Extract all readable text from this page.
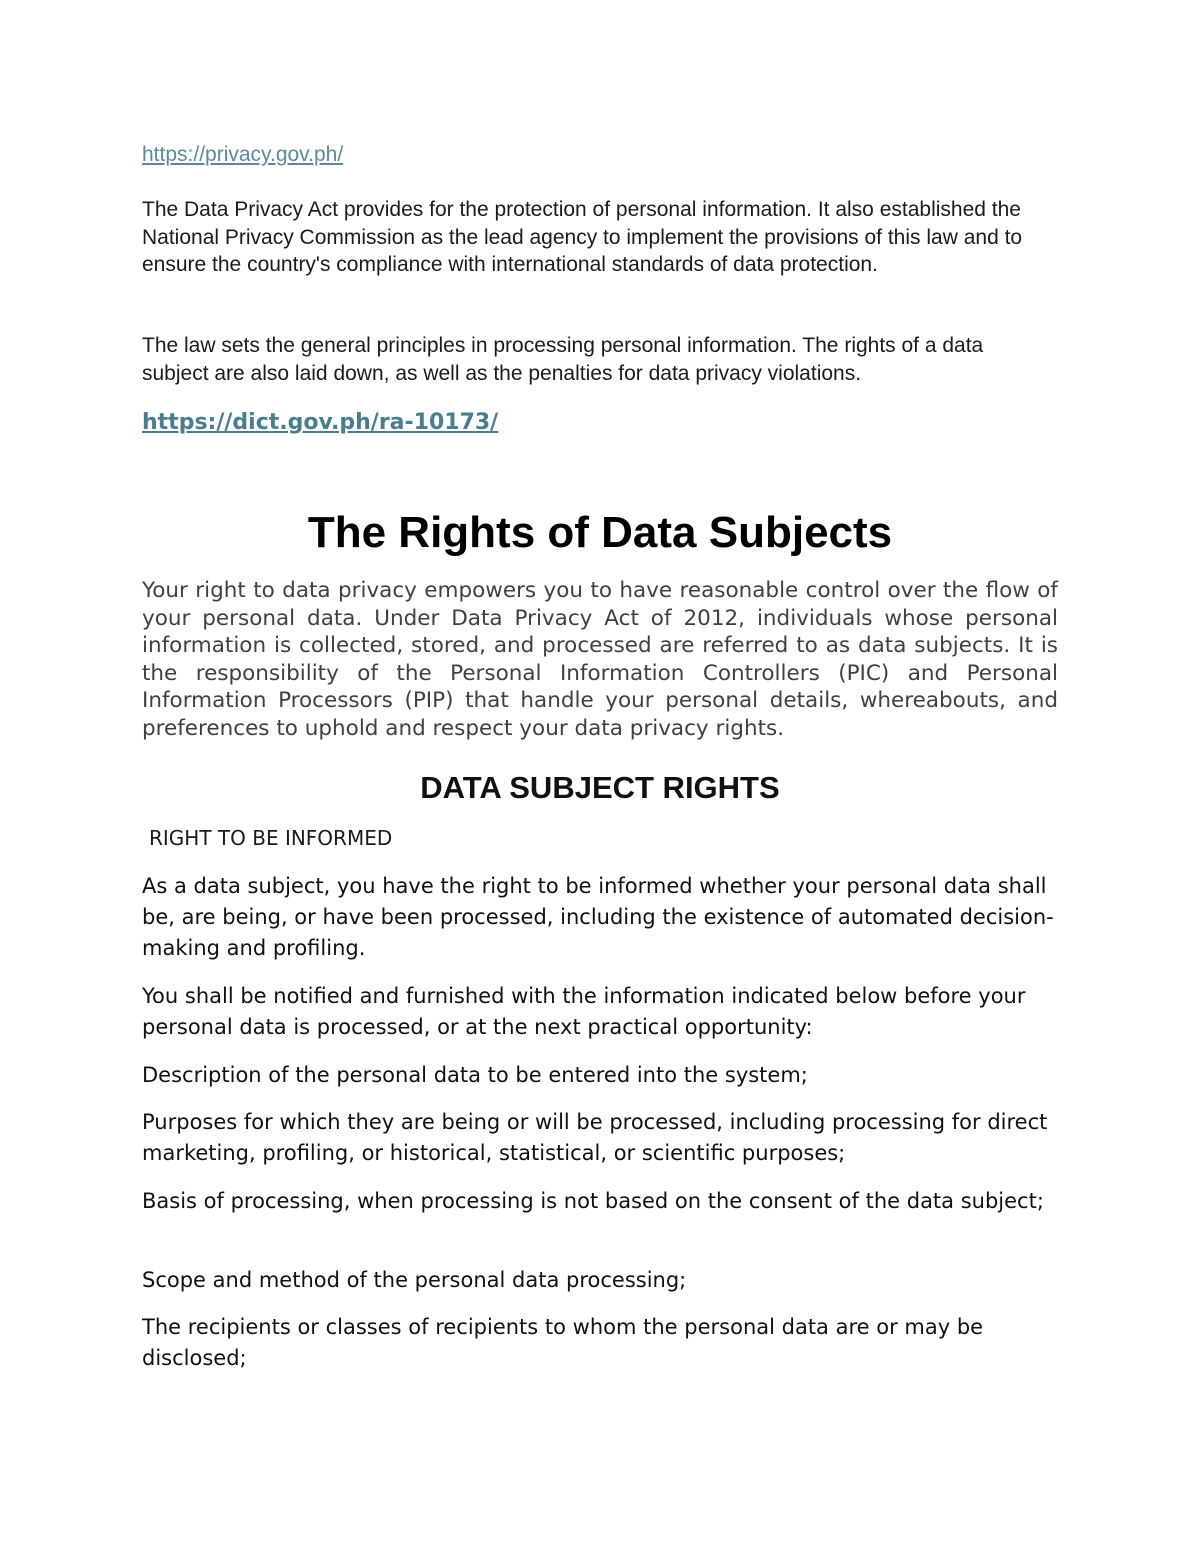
https://privacy.gov.ph/

The Data Privacy Act provides for the protection of personal information. It also established the National Privacy Commission as the lead agency to implement the provisions of this law and to ensure the country's compliance with international standards of data protection.

The law sets the general principles in processing personal information. The rights of a data subject are also laid down, as well as the penalties for data privacy violations.

https://dict.gov.ph/ra-10173/
The Rights of Data Subjects

Your right to data privacy empowers you to have reasonable control over the flow of your personal data. Under Data Privacy Act of 2012, individuals whose personal information is collected, stored, and processed are referred to as data subjects. It is the responsibility of the Personal Information Controllers (PIC) and Personal Information Processors (PIP) that handle your personal details, whereabouts, and preferences to uphold and respect your data privacy rights.

DATA SUBJECT RIGHTS
RIGHT TO BE INFORMED

As a data subject, you have the right to be informed whether your personal data shall be, are being, or have been processed, including the existence of automated decision-making and profiling.

You shall be notified and furnished with the information indicated below before your personal data is processed, or at the next practical opportunity:

Description of the personal data to be entered into the system;

Purposes for which they are being or will be processed, including processing for direct marketing, profiling, or historical, statistical, or scientific purposes;

Basis of processing, when processing is not based on the consent of the data subject;

Scope and method of the personal data processing;

The recipients or classes of recipients to whom the personal data are or may be disclosed;
